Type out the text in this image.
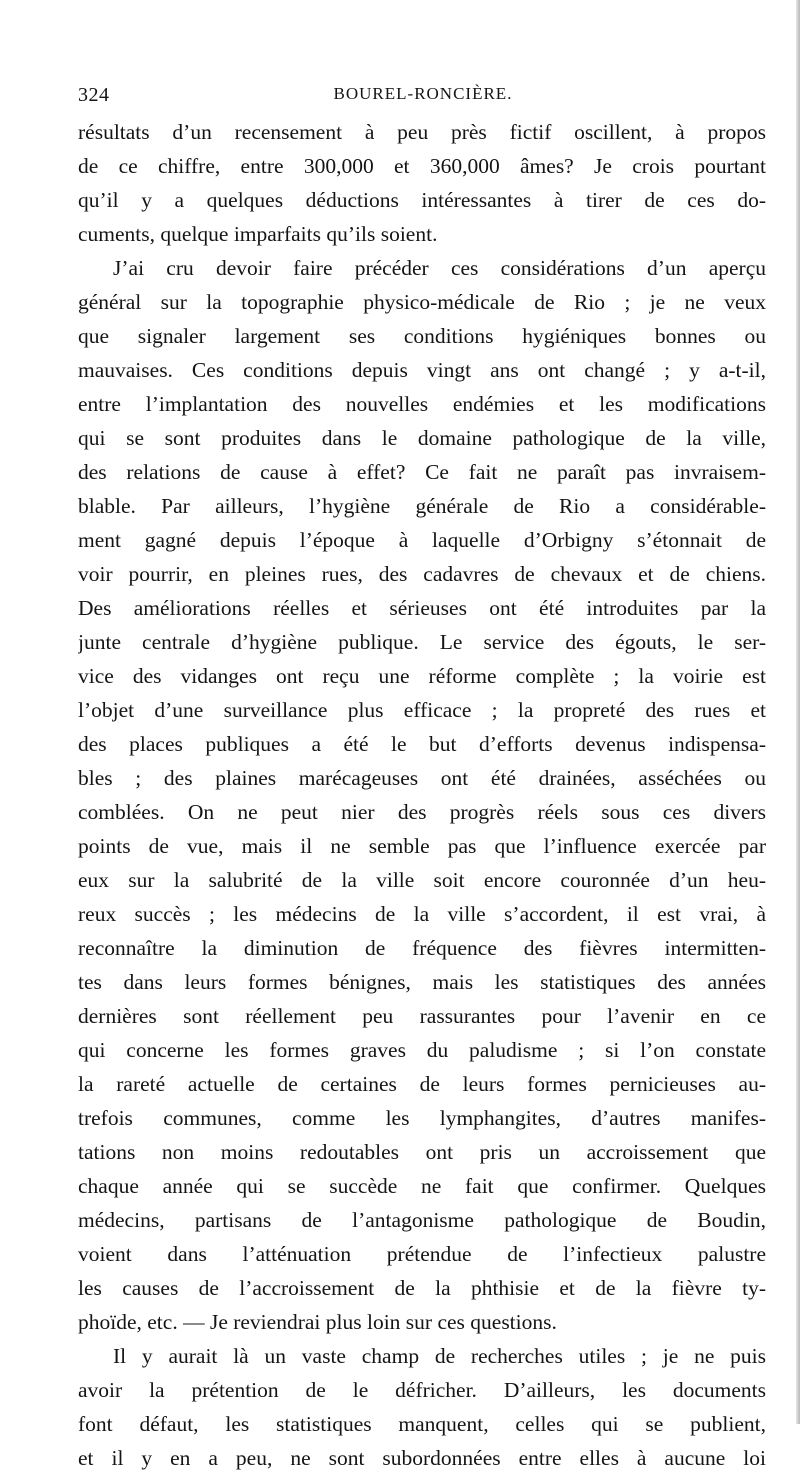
324	BOUREL-RONCIÈRE.
résultats d’un recensement à peu près fictif oscillent, à propos
de ce chiffre, entre 300,000 et 360,000 âmes? Je crois pourtant
qu’il y a quelques déductions intéressantes à tirer de ces do-
cuments, quelque imparfaits qu’ils soient.
J’ai cru devoir faire précéder ces considérations d’un aperçu
général sur la topographie physico-médicale de Rio ; je ne veux
que signaler largement ses conditions hygiéniques bonnes ou
mauvaises. Ces conditions depuis vingt ans ont changé ; y a-t-il,
entre l’implantation des nouvelles endémies et les modifications
qui se sont produites dans le domaine pathologique de la ville,
des relations de cause à effet? Ce fait ne paraît pas invraisem-
blable. Par ailleurs, l’hygiène générale de Rio a considérable-
ment gagné depuis l’époque à laquelle d’Orbigny s’étonnait de
voir pourrir, en pleines rues, des cadavres de chevaux et de chiens.
Des améliorations réelles et sérieuses ont été introduites par la
junte centrale d’hygiène publique. Le service des égouts, le ser-
vice des vidanges ont reçu une réforme complète ; la voirie est
l’objet d’une surveillance plus efficace ; la propreté des rues et
des places publiques a été le but d’efforts devenus indispensa-
bles ; des plaines marécageuses ont été drainées, asséchées ou
comblées. On ne peut nier des progrès réels sous ces divers
points de vue, mais il ne semble pas que l’influence exercée par
eux sur la salubrité de la ville soit encore couronnée d’un heu-
reux succès ; les médecins de la ville s’accordent, il est vrai, à
reconnaître la diminution de fréquence des fièvres intermitten-
tes dans leurs formes bénignes, mais les statistiques des années
dernières sont réellement peu rassurantes pour l’avenir en ce
qui concerne les formes graves du paludisme ; si l’on constate
la rareté actuelle de certaines de leurs formes pernicieuses au-
trefois communes, comme les lymphangites, d’autres manifes-
tations non moins redoutables ont pris un accroissement que
chaque année qui se succède ne fait que confirmer. Quelques
médecins, partisans de l’antagonisme pathologique de Boudin,
voient dans l’atténuation prétendue de l’infectieux palustre
les causes de l’accroissement de la phthisie et de la fièvre ty-
phoïde, etc. — Je reviendrai plus loin sur ces questions.
Il y aurait là un vaste champ de recherches utiles ; je ne puis
avoir la prétention de le défricher. D’ailleurs, les documents
font défaut, les statistiques manquent, celles qui se publient,
et il y en a peu, ne sont subordonnées entre elles à aucune loi
